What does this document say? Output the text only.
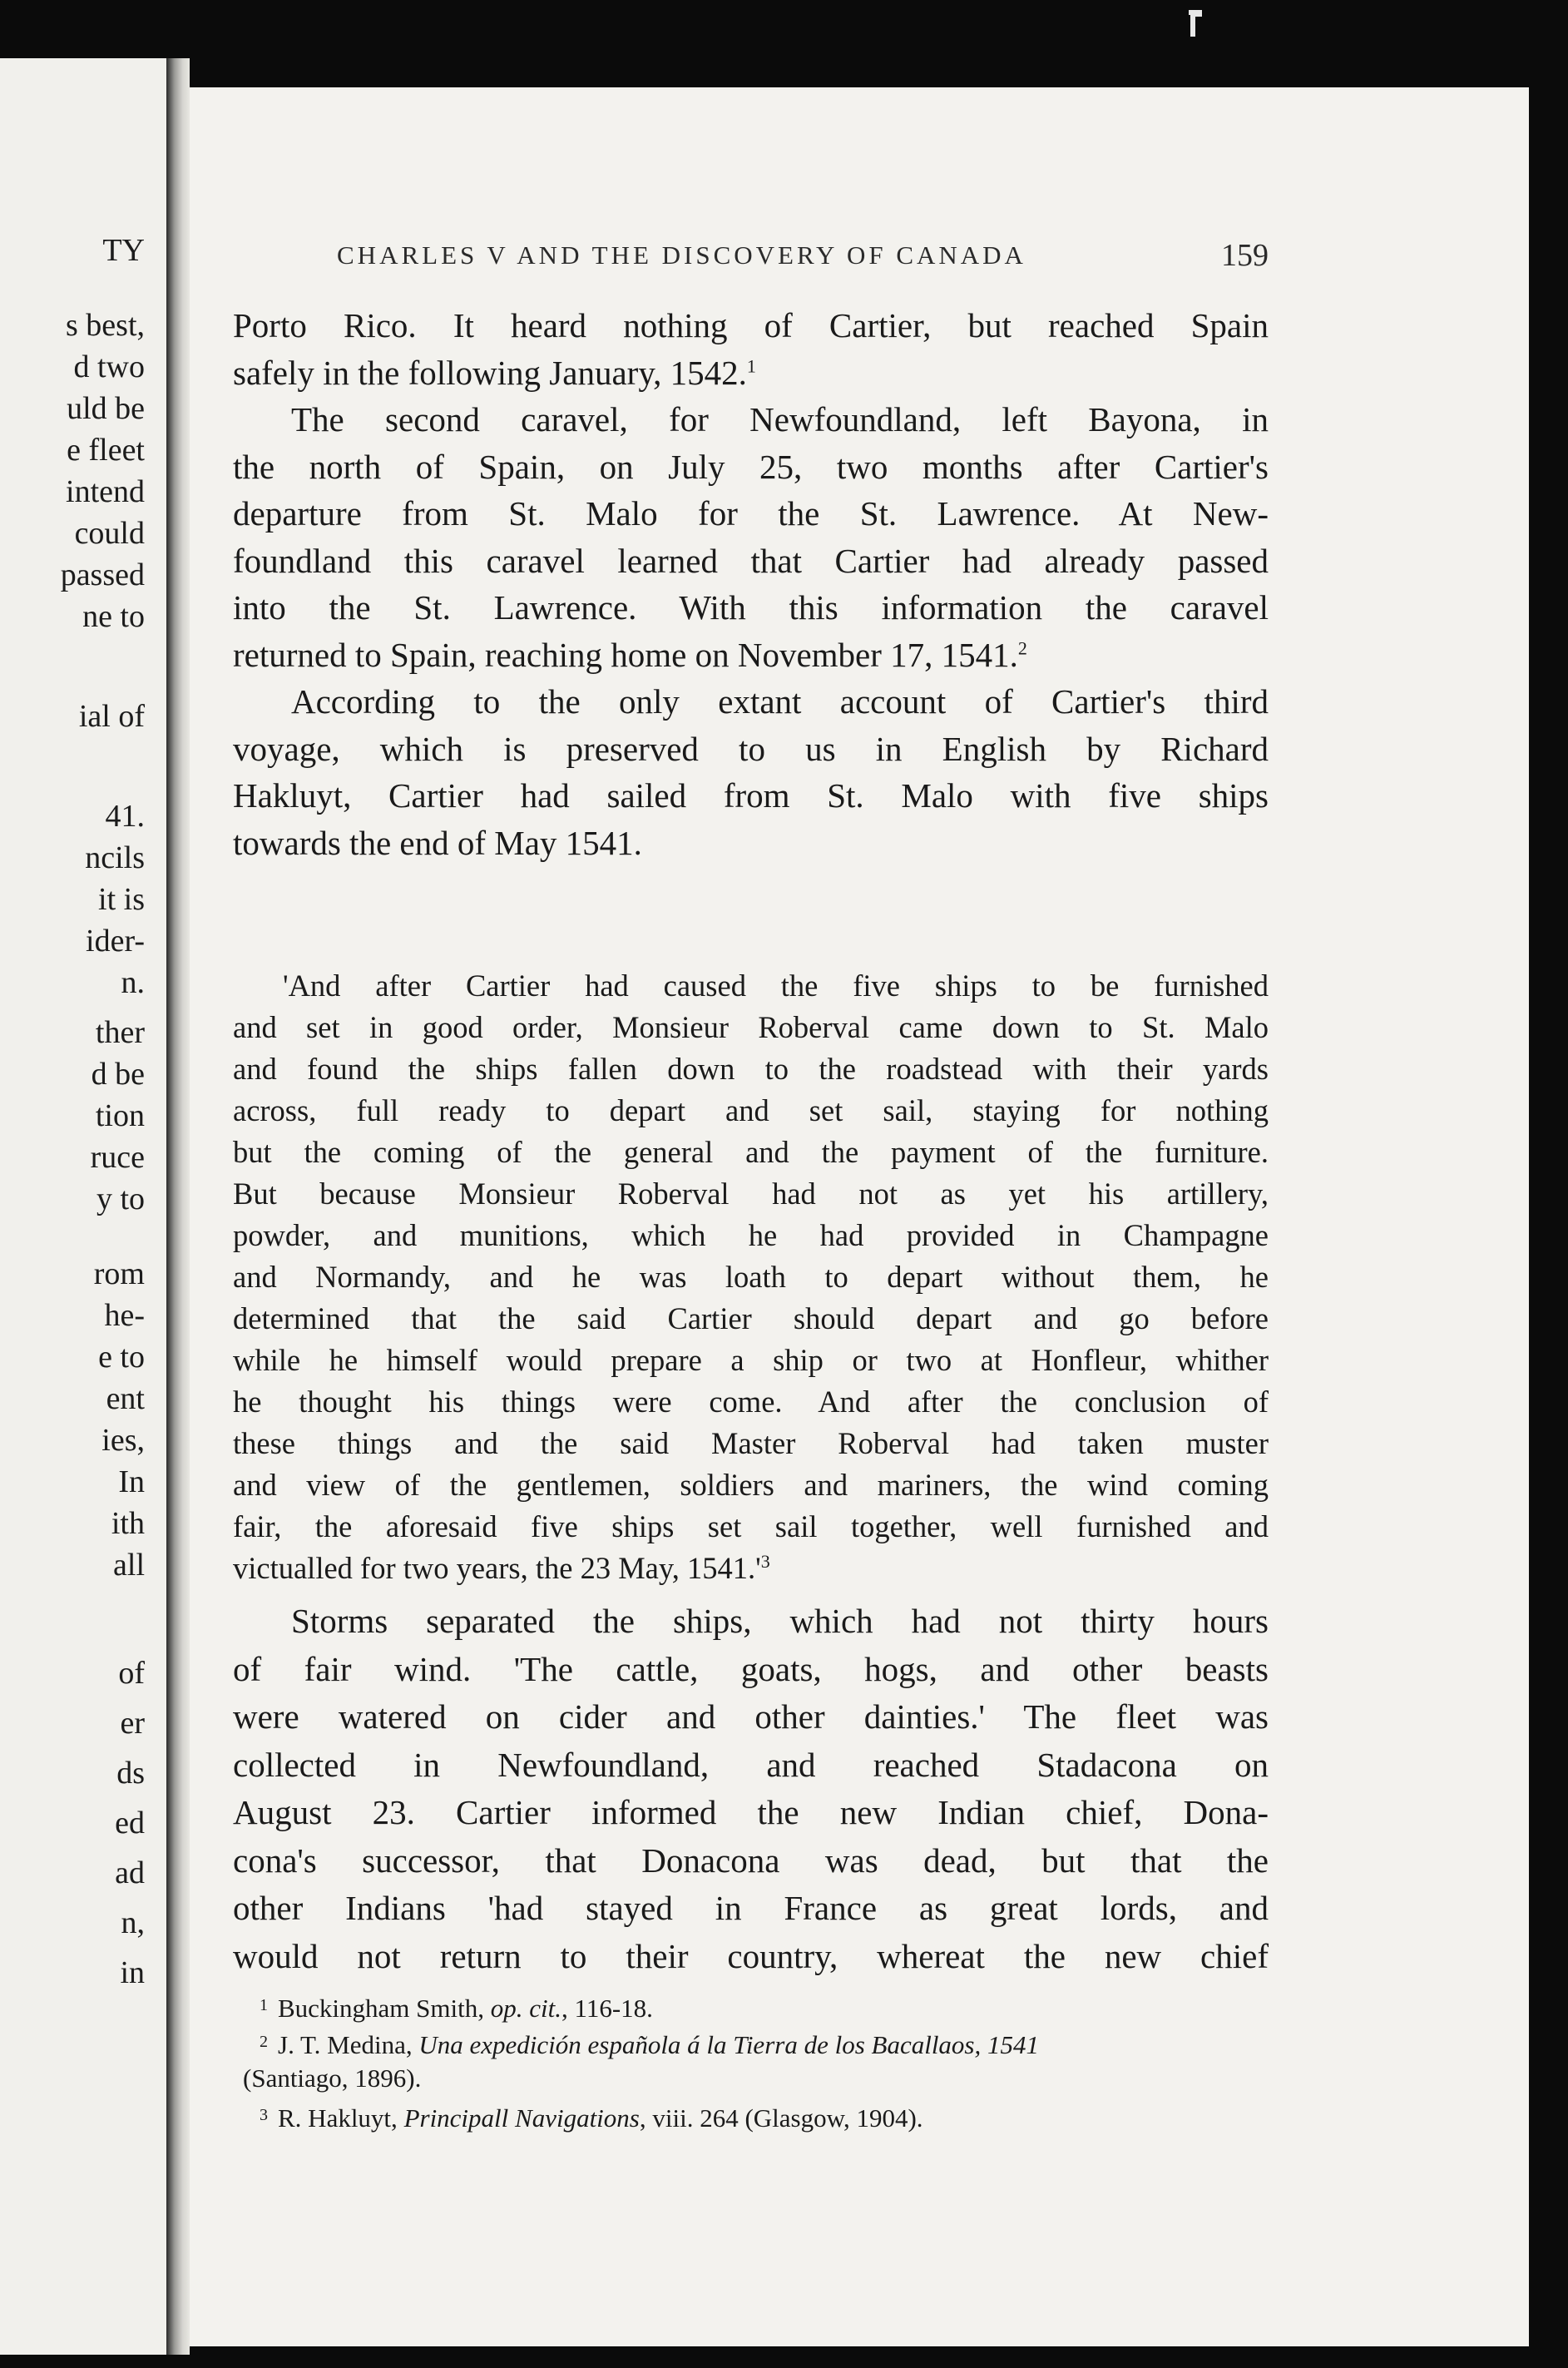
TY
s best,
d two
uld be
e fleet
intend
could
passed
ne to
ial of
41.
ncils
it is
ider-
n.
ther
d be
tion
ruce
y to
rom
he-
e to
ent
ies,
In
ith
all
of
er
ds
ed
ad
n,
in
CHARLES V AND THE DISCOVERY OF CANADA	159
Porto Rico. It heard nothing of Cartier, but reached Spain
safely in the following January, 1542.$^1$
The second caravel, for Newfoundland, left Bayona, in
the north of Spain, on July 25, two months after Cartier's
departure from St. Malo for the St. Lawrence. At New-
foundland this caravel learned that Cartier had already passed
into the St. Lawrence. With this information the caravel
returned to Spain, reaching home on November 17, 1541.$^2$
According to the only extant account of Cartier's third
voyage, which is preserved to us in English by Richard
Hakluyt, Cartier had sailed from St. Malo with five ships
towards the end of May 1541.
'And after Cartier had caused the five ships to be furnished
and set in good order, Monsieur Roberval came down to St. Malo
and found the ships fallen down to the roadstead with their yards
across, full ready to depart and set sail, staying for nothing
but the coming of the general and the payment of the furniture.
But because Monsieur Roberval had not as yet his artillery,
powder, and munitions, which he had provided in Champagne
and Normandy, and he was loath to depart without them, he
determined that the said Cartier should depart and go before
while he himself would prepare a ship or two at Honfleur, whither
he thought his things were come. And after the conclusion of
these things and the said Master Roberval had taken muster
and view of the gentlemen, soldiers and mariners, the wind coming
fair, the aforesaid five ships set sail together, well furnished and
victualled for two years, the 23 May, $1541.'^3$
Storms separated the ships, which had not thirty hours
of fair wind. 'The cattle, goats, hogs, and other beasts
were watered on cider and other dainties.' The fleet was
collected in Newfoundland, and reached Stadacona on
August 23. Cartier informed the new Indian chief, Dona-
cona's successor, that Donacona was dead, but that the
other Indians 'had stayed in France as great lords, and
would not return to their country, whereat the new chief
1 Buckingham Smith, op. cit., 116-18.
2 J. T. Medina, Una expedición española á la Tierra de los Bacallaos, 1541
(Santiago, 1896).
3 R. Hakluyt, Principall Navigations, viii. 264 (Glasgow, 1904).
